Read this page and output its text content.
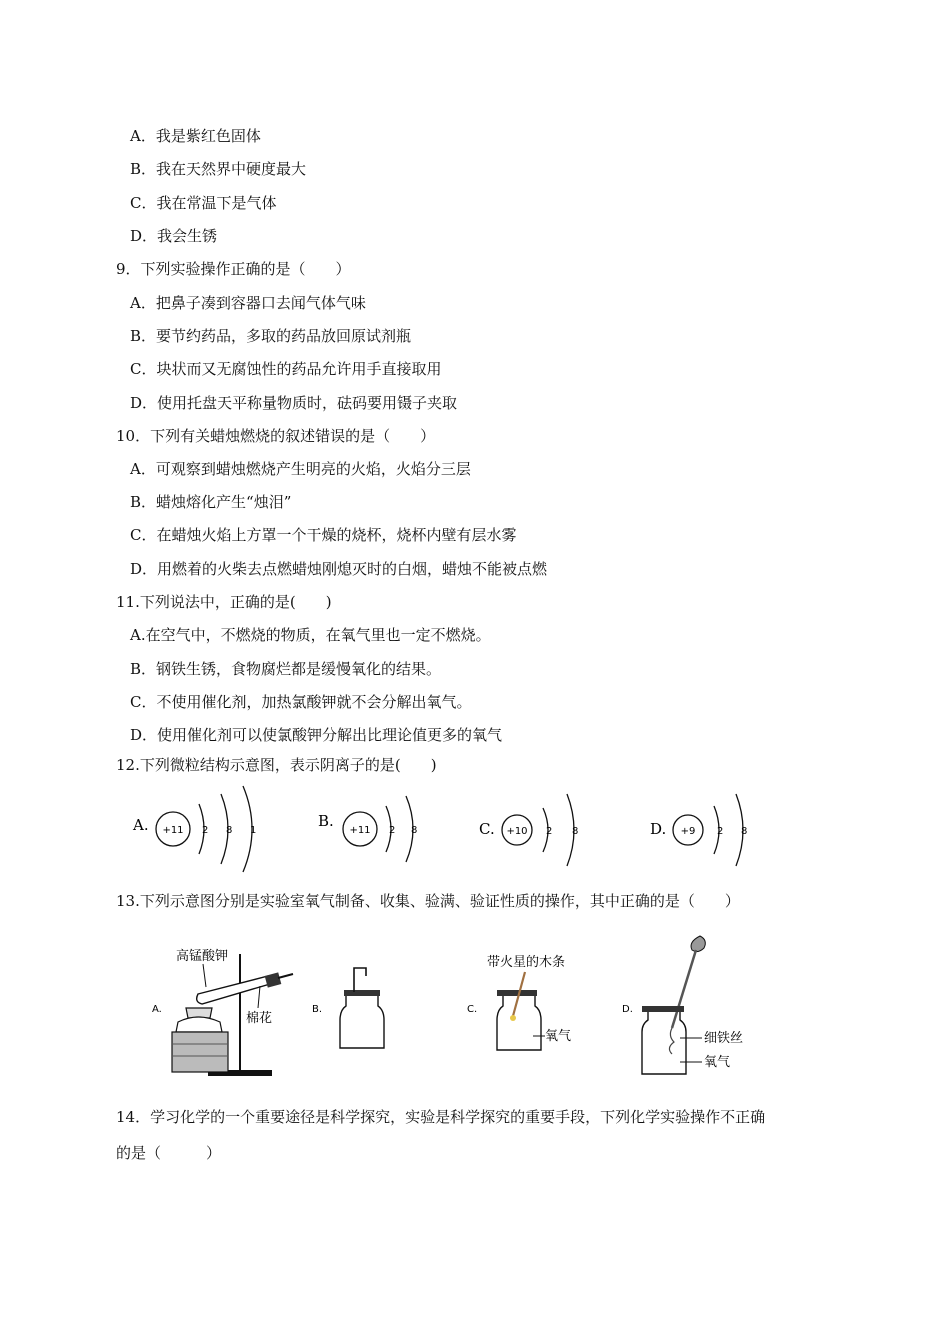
A．我是紫红色固体
B．我在天然界中硬度最大
C．我在常温下是气体
D．我会生锈
9．下列实验操作正确的是（　　）
A．把鼻子凑到容器口去闻气体气味
B．要节约药品，多取的药品放回原试剂瓶
C．块状而又无腐蚀性的药品允许用手直接取用
D．使用托盘天平称量物质时，砝码要用镊子夹取
10．下列有关蜡烛燃烧的叙述错误的是（　　）
A．可观察到蜡烛燃烧产生明亮的火焰，火焰分三层
B．蜡烛熔化产生“烛泪”
C．在蜡烛火焰上方罩一个干燥的烧杯，烧杯内壁有层水雾
D．用燃着的火柴去点燃蜡烛刚熄灭时的白烟，蜡烛不能被点燃
11.下列说法中，正确的是(　　)
A.在空气中，不燃烧的物质，在氧气里也一定不燃烧。
B．钢铁生锈，食物腐烂都是缓慢氧化的结果。
C．不使用催化剂，加热氯酸钾就不会分解出氧气。
D．使用催化剂可以使氯酸钾分解出比理论值更多的氧气
12.下列微粒结构示意图，表示阴离子的是(　　)
A. +11 2 8 1
B.
+11 2 8	C. +10 2 8	D. +9 2 8
13.下列示意图分别是实验室氧气制备、收集、验满、验证性质的操作，其中正确的是（　　）
A.
高锰酸钾
棉花
B.	C.
带火星的木条
氧气
D.
细铁丝
氧气
14．学习化学的一个重要途径是科学探究，实验是科学探究的重要手段，下列化学实验操作不正确
的是（　　　）
